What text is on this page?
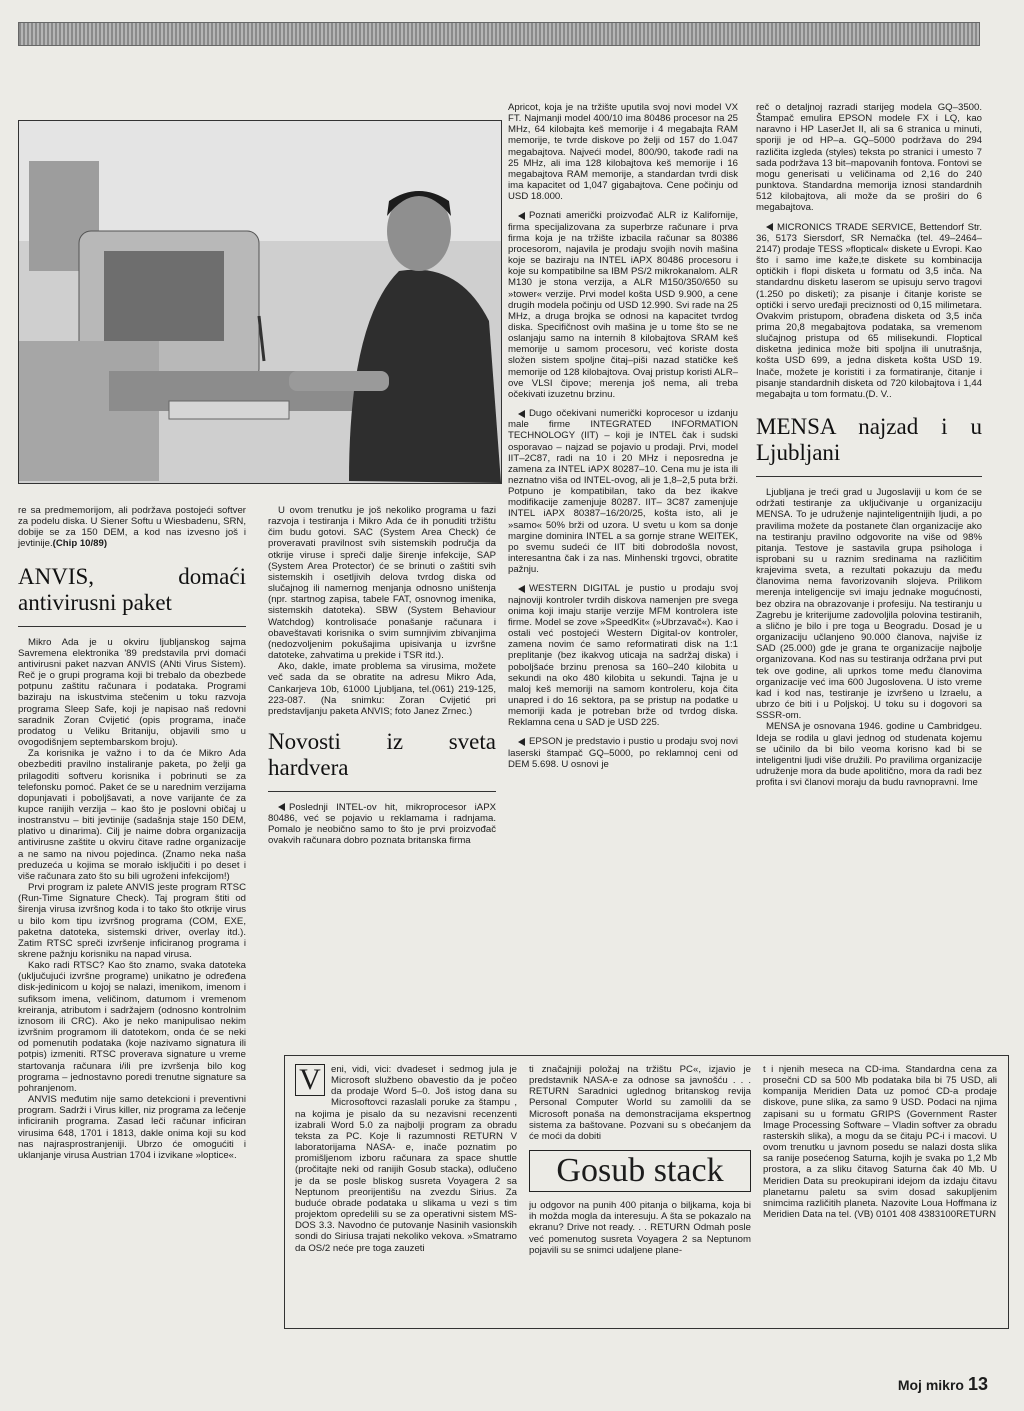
re sa predmemorijom, ali podržava postojeći softver za podelu diska. U Siener Softu u Wiesbadenu, SRN, dobije se za 150 DEM, a kod nas izvesno još i jevtinije.(Chip 10/89)

ANVIS, domaći antivirusni paket

Mikro Ada je u okviru ljubljanskog sajma Savremena elektronika '89 predstavila prvi domaći antivirusni paket nazvan ANVIS (ANti Virus Sistem). Reč je o grupi programa koji bi trebalo da obezbede potpunu zaštitu računara i podataka. Programi baziraju na iskustvima stečenim u toku razvoja programa Sleep Safe, koji je napisao naš redovni saradnik Zoran Cvijetić (opis programa, inače prodatog u Veliku Britaniju, objavili smo u ovogodišnjem septembarskom broju).

Za korisnika je važno i to da će Mikro Ada obezbediti pravilno instaliranje paketa, po želji ga prilagoditi softveru korisnika i pobrinuti se za telefonsku pomoć. Paket će se u narednim verzijama dopunjavati i poboljšavati, a nove varijante će za kupce ranijih verzija – kao što je poslovni običaj u inostranstvu – biti jevtinije (sadašnja staje 150 DEM, plativo u dinarima). Cilj je naime dobra organizacija antivirusne zaštite u okviru čitave radne organizacije a ne samo na nivou pojedinca. (Znamo neka naša preduzeća u kojima se morało isključiti i po deset i više računara zato što su bili ugroženi infekcijom!)

Prvi program iz palete ANVIS jeste program RTSC (Run-Time Signature Check). Taj program štiti od širenja virusa izvršnog koda i to tako što otkrije virus u bilo kom tipu izvršnog programa (COM, EXE, paketna datoteka, sistemski driver, overlay itd.). Zatim RTSC spreči izvršenje inficiranog programa i skrene pažnju korisniku na napad virusa.

Kako radi RTSC? Kao što znamo, svaka datoteka (uključujući izvršne programe) unikatno je određena disk-jedinicom u kojoj se nalazi, imenikom, imenom i sufiksom imena, veličinom, datumom i vremenom kreiranja, atributom i sadržajem (odnosno kontrolnim iznosom ili CRC). Ako je neko manipulisao nekim izvršnim programom ili datotekom, onda će se neki od pomenutih podataka (koje nazivamo signatura ili potpis) izmeniti. RTSC proverava signature u vreme startovanja računara i/ili pre izvršenja bilo kog programa – jednostavno poredi trenutne signature sa pohranjenom.

ANVIS međutim nije samo detekcioni i preventivni program. Sadrži i Virus killer, niz programa za lečenje inficiranih programa. Zasad leči računar inficiran virusima 648, 1701 i 1813, dakle onima koji su kod nas najrasprostranjeniji. Ubrzo će omogućiti i uklanjanje virusa Austrian 1704 i izvikane »loptice«.

U ovom trenutku je još nekoliko programa u fazi razvoja i testiranja i Mikro Ada će ih ponuditi tržištu čim budu gotovi. SAC (System Area Check) će proveravati pravilnost svih sistemskih područja da otkrije viruse i spreči dalje širenje infekcije, SAP (System Area Protector) će se brinuti o zaštiti svih sistemskih i osetljivih delova tvrdog diska od slučajnog ili namernog menjanja odnosno uništenja (npr. startnog zapisa, tabele FAT, osnovnog imenika, sistemskih datoteka). SBW (System Behaviour Watchdog) kontrolisaće ponašanje računara i obaveštavati korisnika o svim sumnjivim zbivanjima (nedozvoljenim pokušajima upisivanja u izvršne datoteke, zahvatima u prekide i TSR itd.).

Ako, dakle, imate problema sa virusima, možete več sada da se obratite na adresu Mikro Ada, Cankarjeva 10b, 61000 Ljubljana, tel.(061) 219-125, 223-087. (Na snimku: Zoran Cvijetić pri predstavljanju paketa ANVIS; foto Janez Zrnec.)

Novosti iz sveta hardvera

Poslednji INTEL-ov hit, mikroprocesor iAPX 80486, već se pojavio u reklamama i radnjama. Pomalo je neobično samo to što je prvi proizvođač ovakvih računara dobro poznata britanska firma

Apricot, koja je na tržište uputila svoj novi model VX FT. Najmanji model 400/10 ima 80486 procesor na 25 MHz, 64 kilobajta keš memorije i 4 megabajta RAM memorije, te tvrde diskove po želji od 157 do 1.047 megabajtova. Najveći model, 800/90, takođe radi na 25 MHz, ali ima 128 kilobajtova keš memorije i 16 megabajtova RAM memorije, a standardan tvrdi disk ima kapacitet od 1,047 gigabajtova. Cene počinju od USD 18.000.

Poznati američki proizvođač ALR iz Kalifornije, firma specijalizovana za superbrze računare i prva firma koja je na tržište izbacila računar sa 80386 procesorom, najavila je prodaju svojih novih mašina koje se baziraju na INTEL iAPX 80486 procesoru i koje su kompatibilne sa IBM PS/2 mikrokanalom. ALR M130 je stona verzija, a ALR M150/350/650 su »tower« verzije. Prvi model košta USD 9.900, a cene drugih modela počinju od USD 12.990. Svi rade na 25 MHz, a druga brojka se odnosi na kapacitet tvrdog diska. Specifičnost ovih mašina je u tome što se ne oslanjaju samo na internih 8 kilobajtova SRAM keš memorije u samom procesoru, već koriste dosta složen sistem spoljne čitaj–piši nazad statičke keš memorije od 128 kilobajtova. Ovaj pristup koristi ALR–ove VLSI čipove; merenja još nema, ali treba očekivati izuzetnu brzinu.

Dugo očekivani numerički koprocesor u izdanju male firme INTEGRATED INFORMATION TECHNOLOGY (IIT) – koji je INTEL čak i sudski osporavao – najzad se pojavio u prodaji. Prvi, model IIT–2C87, radi na 10 i 20 MHz i neposredna je zamena za INTEL iAPX 80287–10. Cena mu je ista ili neznatno viša od INTEL-ovog, ali je 1,8–2,5 puta brži. Potpuno je kompatibilan, tako da bez ikakve modifikacije zamenjuje 80287. IIT– 3C87 zamenjuje INTEL iAPX 80387–16/20/25, košta isto, ali je »samo« 50% brži od uzora. U svetu u kom sa donje margine dominira INTEL a sa gornje strane WEITEK, po svemu sudeći će IIT biti dobrodošla novost, interesantna čak i za nas. Minhenski trgovci, obratite pažnju.

WESTERN DIGITAL je pustio u prodaju svoj najnoviji kontroler tvrdih diskova namenjen pre svega onima koji imaju starije verzije MFM kontrolera iste firme. Model se zove »SpeedKit« (»Ubrzavač«). Kao i ostali već postojeći Western Digital-ov kontroler, zamena novim će samo reformatirati disk na 1:1 preplitanje (bez ikakvog uticaja na sadržaj diska) i poboljšaće brzinu prenosa sa 160–240 kilobita u sekundi na oko 480 kilobita u sekundi. Tajna je u maloj keš memoriji na samom kontroleru, koja čita unapred i do 16 sektora, pa se pristup na podatke u memoriji kada je potreban brže od tvrdog diska. Reklamna cena u SAD je USD 225.

EPSON je predstavio i pustio u prodaju svoj novi laserski štampač GQ–5000, po reklamnoj ceni od DEM 5.698. U osnovi je

reč o detaljnoj razradi starijeg modela GQ–3500. Štampač emulira EPSON modele FX i LQ, kao naravno i HP LaserJet II, ali sa 6 stranica u minuti, sporiji je od HP–a. GQ–5000 podržava do 294 različita izgleda (styles) teksta po stranici i umesto 7 sada podržava 13 bit–mapovanih fontova. Fontovi se mogu generisati u veličinama od 2,16 do 240 punktova. Standardna memorija iznosi standardnih 512 kilobajtova, ali može da se proširi do 6 megabajtova.

MICRONICS TRADE SERVICE, Bettendorf Str. 36, 5173 Siersdorf, SR Nemačka (tel. 49–2464–2147) prodaje TESS »floptical« diskete u Evropi. Kao što i samo ime kaže,te diskete su kombinacija optičkih i flopi disketa u formatu od 3,5 inča. Na standardnu disketu laserom se upisuju servo tragovi (1.250 po disketi); za pisanje i čitanje koriste se optički i servo uređaji preciznosti od 0,15 milimetara. Ovakvim pristupom, obrađena disketa od 3,5 inča prima 20,8 megabajtova podataka, sa vremenom slučajnog pristupa od 65 milisekundi. Floptical disketna jedinica može biti spoljna ili unutrašnja, košta USD 699, a jedna disketa košta USD 19. Inače, možete je koristiti i za formatiranje, čitanje i pisanje standardnih disketa od 720 kilobajtova i 1,44 megabajta u tom formatu.(D. V..

MENSA najzad i u Ljubljani

Ljubljana je treći grad u Jugoslaviji u kom će se održati testiranje za uključivanje u organizaciju MENSA. To je udruženje najinteligentnijih ljudi, a po pravilima možete da postanete član organizacije ako na testiranju pravilno odgovorite na više od 98% pitanja. Testove je sastavila grupa psihologa i isprobani su u raznim sredinama na različitim krajevima sveta, a rezultati pokazuju da među članovima nema favorizovanih slojeva. Prilikom merenja inteligencije svi imaju jednake mogućnosti, bez obzira na obrazovanje i profesiju. Na testiranju u Zagrebu je kriterijume zadovoljila polovina testiranih, a slično je bilo i pre toga u Beogradu. Dosad je u organizaciju učlanjeno 90.000 članova, najviše iz SAD (25.000) gde je grana te organizacije najbolje organizovana. Kod nas su testiranja održana prvi put tek ove godine, ali uprkos tome među članovima organizacije već ima 600 Jugoslovena. U isto vreme kad i kod nas, testiranje je izvršeno u Izraelu, a ubrzo će biti i u Poljskoj. U toku su i dogovori sa SSSR-om.

MENSA je osnovana 1946. godine u Cambridgeu. Ideja se rodila u glavi jednog od studenata kojemu se učinilo da bi bilo veoma korisno kad bi se inteligentni ljudi više družili. Po pravilima organizacije udruženje mora da bude apolitično, mora da radi bez profita i svi članovi moraju da budu ravnopravni. Ime

V	eni, vidi, vici: dvadeset i sedmog jula je Microsoft službeno obavestio da je počeo da prodaje Word 5–0. Još istog dana su Microsoftovci razaslali poruke za štampu , na kojima je pisalo da su nezavisni recenzenti izabrali Word 5.0 za najbolji program za obradu teksta za PC. Koje li razumnosti RETURN V laboratorijama NASA- e, inače poznatim po promišljenom izboru računara za space shuttle (pročitajte neki od ranijih Gosub stacka), odlučeno je da se posle bliskog susreta Voyagera 2 sa Neptunom preorijentišu na zvezdu Sirius. Za buduće obrade podataka u slikama u vezi s tim projektom opredelili su se za operativni sistem MS-DOS 3.3. Navodno će putovanje Nasinih vasionskih sondi do Siriusa trajati nekoliko vekova. »Smatramo da OS/2 neće pre toga zauzeti

ti značajniji položaj na tržištu PC«, izjavio je predstavnik NASA-e za odnose sa javnošću . . . RETURN Saradnici uglednog britanskog revija Personal Computer World su zamolili da se Microsoft ponaša na demonstracijama ekspertnog sistema za baštovane. Pozvani su s obećanjem da će moći da dobiti

Gosub stack

ju odgovor na punih 400 pitanja o biljkama, koja bi ih možda mogla da interesuju. A šta se pokazalo na ekranu? Drive not ready. . . RETURN Odmah posle već pomenutog susreta Voyagera 2 sa Neptunom pojavili su se snimci udaljene plane-

t i njenih meseca na CD-ima. Standardna cena za prosečni CD sa 500 Mb podataka bila bi 75 USD, ali kompanija Meridien Data uz pomoć CD-a prodaje diskove, pune slika, za samo 9 USD. Podaci na njima zapisani su u formatu GRIPS (Government Raster Image Processing Software – Vladin softver za obradu rasterskih slika), a mogu da se čitaju PC-i i macovi. U ovom trenutku u javnom posedu se nalazi dosta slika sa ranije posećenog Saturna, kojih je svaka po 1,2 Mb prostora, a za sliku čitavog Saturna čak 40 Mb. U Meridien Data su preokupirani idejom da izdaju čitavu planetarnu paletu sa svim dosad sakupljenim snimcima različitih planeta. Nazovite Loua Hoffmana iz Meridien Data na tel. (VB) 0101 408 4383100RETURN

Moj mikro 13
